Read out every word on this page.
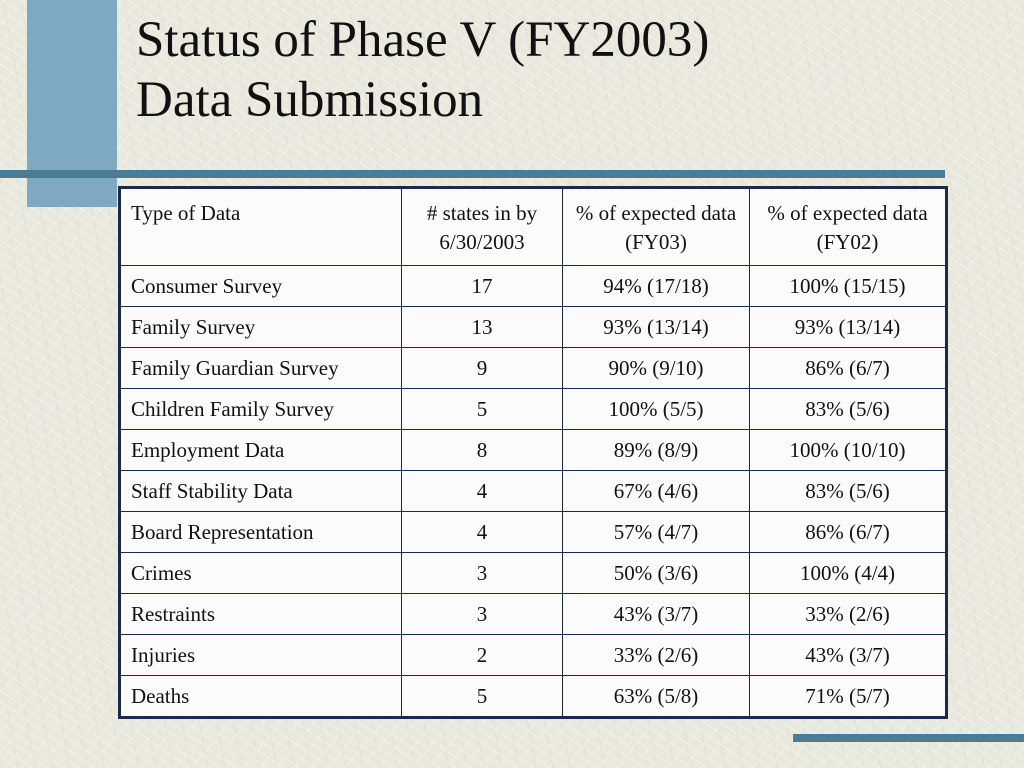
Status of Phase V (FY2003)
Data Submission
Type of Data	# states in by 6/30/2003	% of expected data (FY03)	% of expected data (FY02)
Consumer Survey	17	94% (17/18)	100% (15/15)
Family Survey	13	93% (13/14)	93% (13/14)
Family Guardian Survey	9	90% (9/10)	86% (6/7)
Children Family Survey	5	100% (5/5)	83% (5/6)
Employment Data	8	89% (8/9)	100% (10/10)
Staff Stability Data	4	67% (4/6)	83% (5/6)
Board Representation	4	57% (4/7)	86% (6/7)
Crimes	3	50% (3/6)	100% (4/4)
Restraints	3	43% (3/7)	33% (2/6)
Injuries	2	33% (2/6)	43% (3/7)
Deaths	5	63% (5/8)	71% (5/7)
